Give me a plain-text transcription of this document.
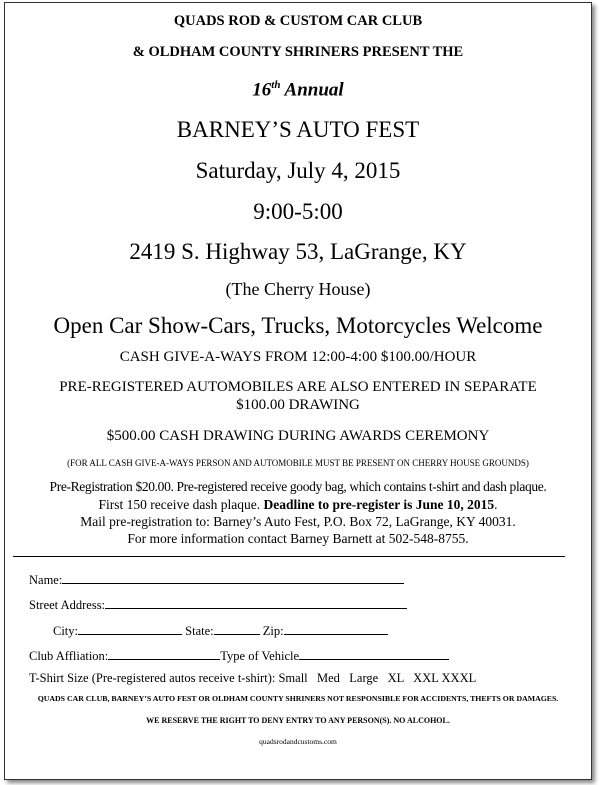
QUADS ROD & CUSTOM CAR CLUB
& OLDHAM COUNTY SHRINERS PRESENT THE
16th Annual
BARNEY’S AUTO FEST
Saturday, July 4, 2015
9:00-5:00
2419 S. Highway 53, LaGrange, KY
(The Cherry House)
Open Car Show-Cars, Trucks, Motorcycles Welcome
CASH GIVE-A-WAYS FROM 12:00-4:00 $100.00/HOUR
PRE-REGISTERED AUTOMOBILES ARE ALSO ENTERED IN SEPARATE
$100.00 DRAWING
$500.00 CASH DRAWING DURING AWARDS CEREMONY
(FOR ALL CASH GIVE-A-WAYS PERSON AND AUTOMOBILE MUST BE PRESENT ON CHERRY HOUSE GROUNDS)
Pre-Registration $20.00. Pre-registered receive goody bag, which contains t-shirt and dash plaque.
First 150 receive dash plaque. Deadline to pre-register is June 10, 2015.
Mail pre-registration to: Barney’s Auto Fest, P.O. Box 72, LaGrange, KY 40031.
For more information contact Barney Barnett at 502-548-8755.
Name:
Street Address:
City:	State:	Zip:
Club Affliation:	Type of Vehicle
T-Shirt Size (Pre-registered autos receive t-shirt): Small   Med   Large   XL   XXL XXXL
QUADS CAR CLUB, BARNEY’S AUTO FEST OR OLDHAM COUNTY SHRINERS NOT RESPONSIBLE FOR ACCIDENTS, THEFTS OR DAMAGES.
WE RESERVE THE RIGHT TO DENY ENTRY TO ANY PERSON(S). NO ALCOHOL.
quadsrodandcustoms.com
